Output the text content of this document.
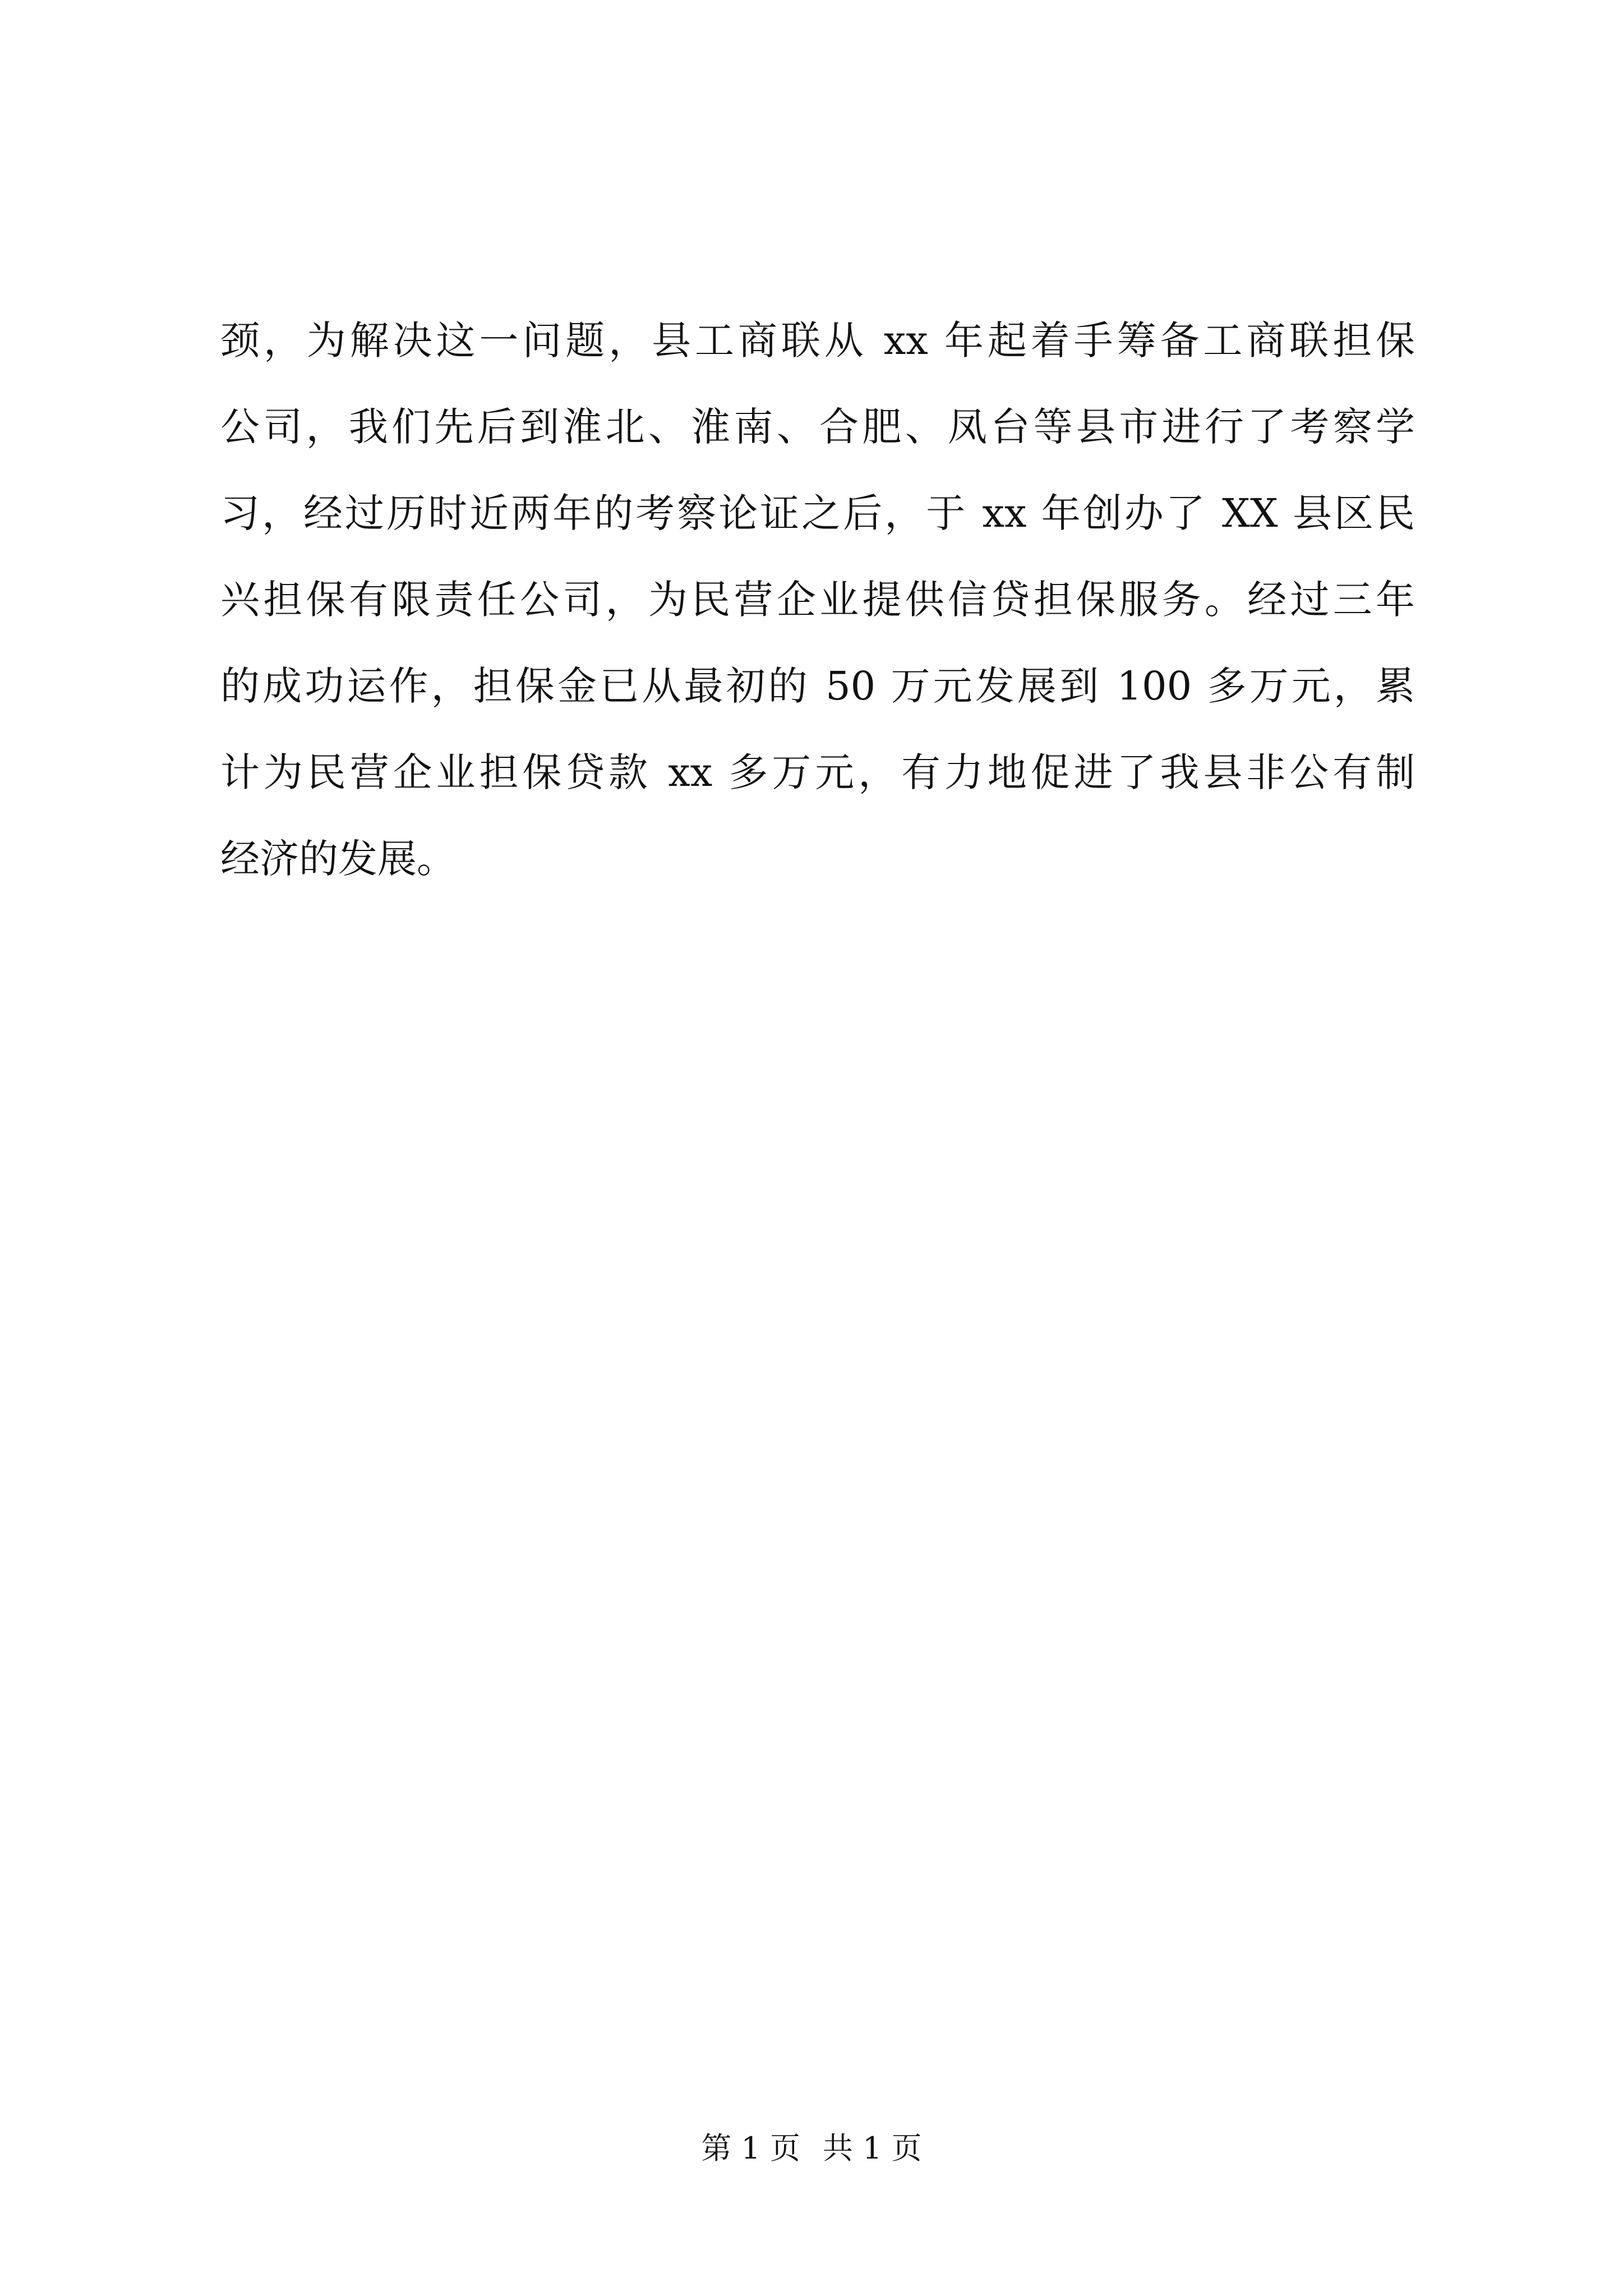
颈，为解决这一问题，县工商联从 xx 年起着手筹备工商联担保
公司，我们先后到淮北、淮南、合肥、凤台等县市进行了考察学
习，经过历时近两年的考察论证之后，于 xx 年创办了 XX 县区民
兴担保有限责任公司，为民营企业提供信贷担保服务。经过三年
的成功运作，担保金已从最初的 50 万元发展到 100 多万元，累
计为民营企业担保贷款 xx 多万元，有力地促进了我县非公有制
经济的发展。
第 1 页 共 1 页
